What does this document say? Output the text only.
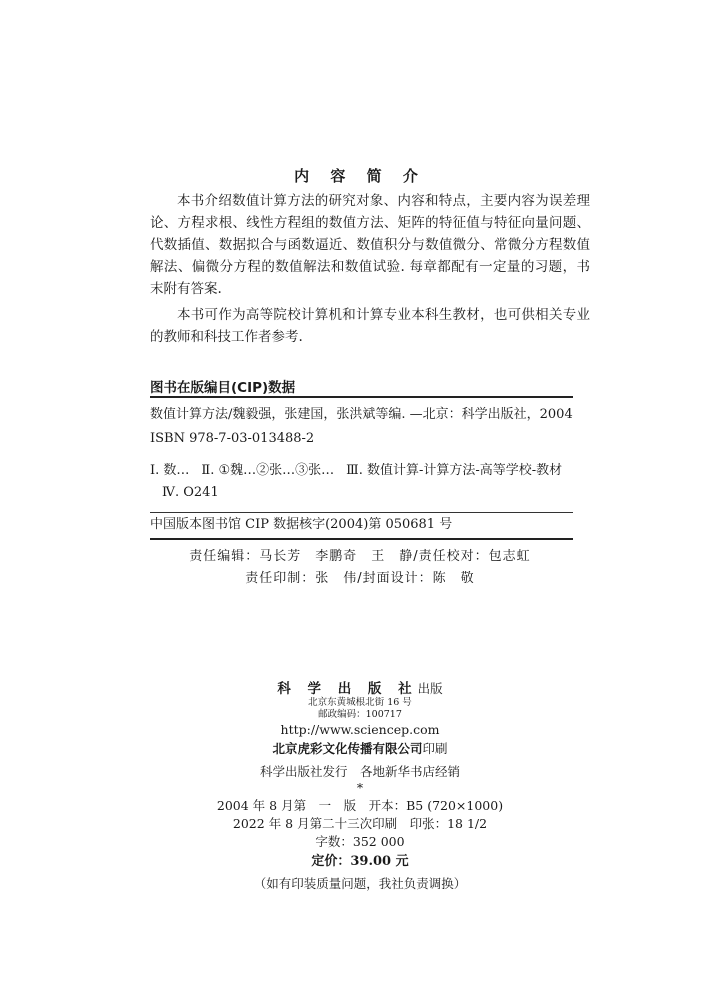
内 容 简 介

本书介绍数值计算方法的研究对象、内容和特点，主要内容为误差理论、方程求根、线性方程组的数值方法、矩阵的特征值与特征向量问题、代数插值、数据拟合与函数逼近、数值积分与数值微分、常微分方程数值解法、偏微分方程的数值解法和数值试验. 每章都配有一定量的习题，书末附有答案.

本书可作为高等院校计算机和计算专业本科生教材，也可供相关专业的教师和科技工作者参考.

图书在版编目(CIP)数据
数值计算方法/魏毅强，张建国，张洪斌等编. —北京：科学出版社，2004
ISBN 978-7-03-013488-2
Ⅰ. 数… Ⅱ. ①魏…②张…③张… Ⅲ. 数值计算-计算方法-高等学校-教材Ⅳ. O241
中国版本图书馆 CIP 数据核字(2004)第 050681 号
责任编辑：马长芳　李鹏奇　王　静/责任校对：包志虹
责任印制：张　伟/封面设计：陈　敬
科 学 出 版 社出版
北京东黄城根北街 16 号
邮政编码：100717
http://www.sciencep.com
北京虎彩文化传播有限公司印刷
科学出版社发行　各地新华书店经销
*
2004 年 8 月第　一　版　开本：B5 (720×1000)
2022 年 8 月第二十三次印刷　印张：18 1/2
字数：352 000
定价：39.00 元
（如有印装质量问题，我社负责调换）
